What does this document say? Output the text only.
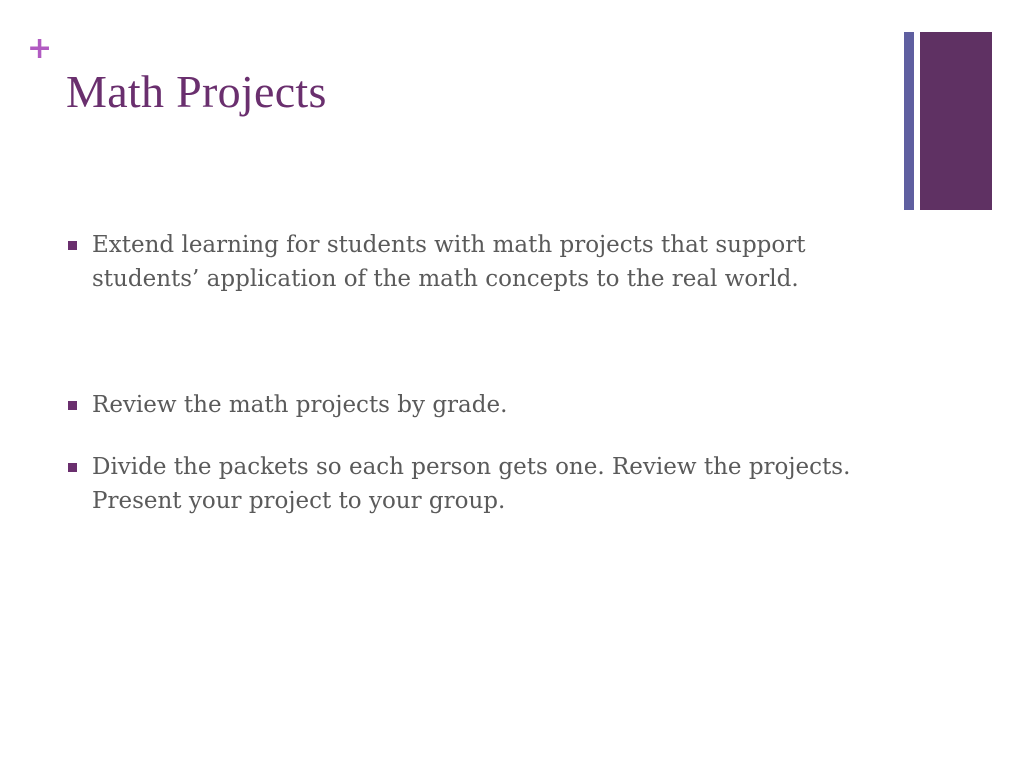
+
Math Projects
Extend learning for students with math projects that support students’ application of the math concepts to the real world.
Review the math projects by grade.
Divide the packets so each person gets one. Review the projects. Present your project to your group.
